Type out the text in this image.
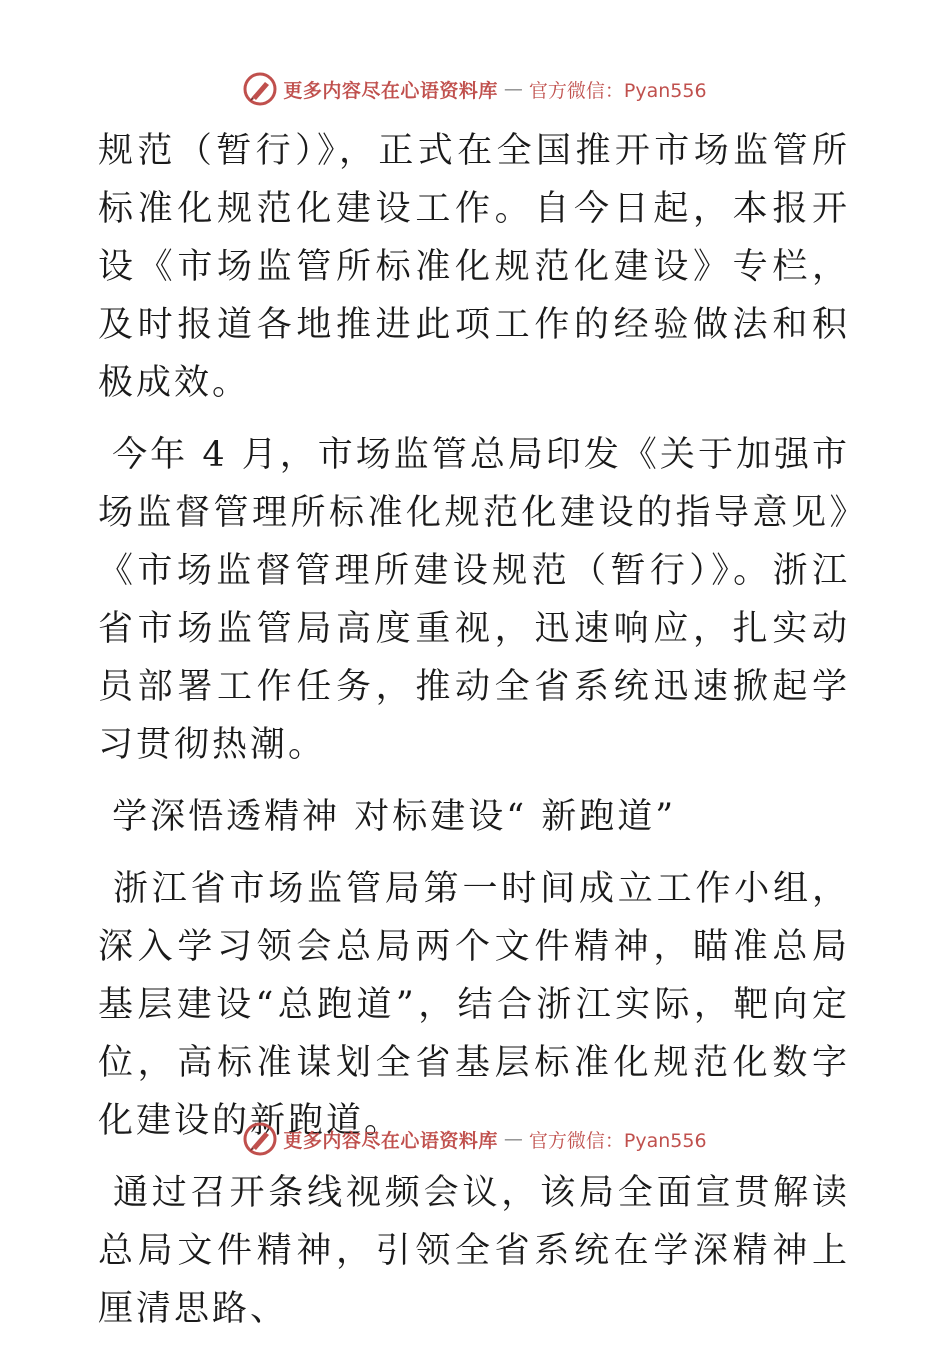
更多内容尽在心语资料库 — 官方微信：Pyan556

规范（暂行）》，正式在全国推开市场监管所标准化规范化建设工作。自今日起，本报开设《市场监管所标准化规范化建设》专栏，及时报道各地推进此项工作的经验做法和积极成效。

今年 4 月，市场监管总局印发《关于加强市场监督管理所标准化规范化建设的指导意见》《市场监督管理所建设规范（暂行）》。浙江省市场监管局高度重视，迅速响应，扎实动员部署工作任务，推动全省系统迅速掀起学习贯彻热潮。

学深悟透精神 对标建设“ 新跑道”

浙江省市场监管局第一时间成立工作小组，深入学习领会总局两个文件精神，瞄准总局基层建设“总跑道”，结合浙江实际，靶向定位，高标准谋划全省基层标准化规范化数字化建设的新跑道。

通过召开条线视频会议，该局全面宣贯解读总局文件精神，引领全省系统在学深精神上厘清思路、

更多内容尽在心语资料库 — 官方微信：Pyan556
